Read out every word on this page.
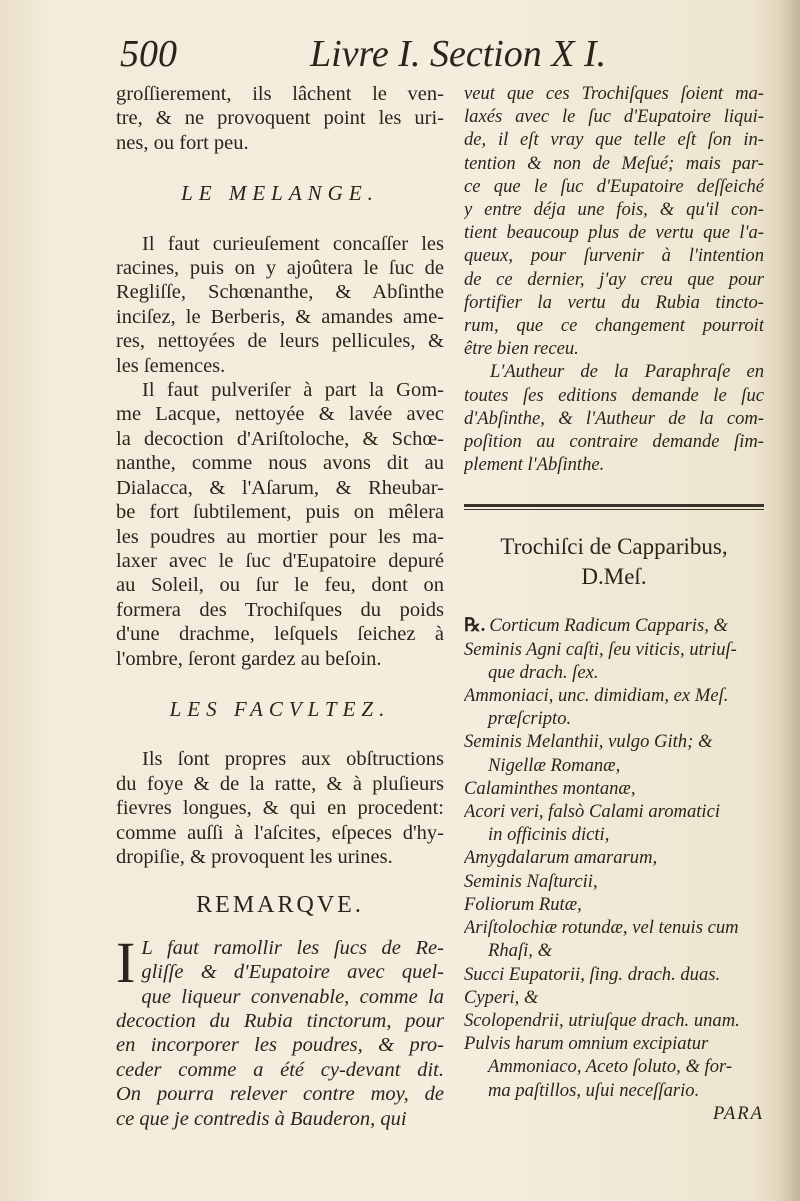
500	Livre I. Section X I.
groſſierement, ils lâchent le ven-
tre, & ne provoquent point les uri-
nes, ou fort peu.
LE MELANGE.
Il faut curieuſement concaſſer les
racines, puis on y ajoûtera le ſuc de
Regliſſe, Schœnanthe, & Abſinthe
inciſez, le Berberis, & amandes ame-
res, nettoyées de leurs pellicules, &
les ſemences.
Il faut pulveriſer à part la Gom-
me Lacque, nettoyée & lavée avec
la decoction d'Ariſtoloche, & Schœ-
nanthe, comme nous avons dit au
Dialacca, & l'Aſarum, & Rheubar-
be fort ſubtilement, puis on mêlera
les poudres au mortier pour les ma-
laxer avec le ſuc d'Eupatoire depuré
au Soleil, ou ſur le feu, dont on
formera des Trochiſques du poids
d'une drachme, leſquels ſeichez à
l'ombre, ſeront gardez au beſoin.
LES FACVLTEZ.
Ils ſont propres aux obſtructions
du foye & de la ratte, & à pluſieurs
fievres longues, & qui en procedent:
comme auſſi à l'aſcites, eſpeces d'hy-
dropiſie, & provoquent les urines.
REMARQVE.
I L faut ramollir les ſucs de Re-
gliſſe & d'Eupatoire avec quel-
que liqueur convenable, comme la
decoction du Rubia tinctorum, pour
en incorporer les poudres, & pro-
ceder comme a été cy-devant dit.
On pourra relever contre moy, de
ce que je contredis à Bauderon, qui
veut que ces Trochiſques ſoient ma-
laxés avec le ſuc d'Eupatoire liqui-
de, il eſt vray que telle eſt ſon in-
tention & non de Meſué; mais par-
ce que le ſuc d'Eupatoire deſſeiché
y entre déja une fois, & qu'il con-
tient beaucoup plus de vertu que l'a-
queux, pour ſurvenir à l'intention
de ce dernier, j'ay creu que pour
fortifier la vertu du Rubia tincto-
rum, que ce changement pourroit
être bien receu.
L'Autheur de la Paraphraſe en
toutes ſes editions demande le ſuc
d'Abſinthe, & l'Autheur de la com-
poſition au contraire demande ſim-
plement l'Abſinthe.
Trochiſci de Capparibus,
D.Meſ.
℞. Corticum Radicum Capparis, &
Seminis Agni caſti, ſeu viticis, utriuſ-
que drach. ſex.
Ammoniaci, unc. dimidiam, ex Meſ.
præſcripto.
Seminis Melanthii, vulgo Gith; &
Nigellæ Romanæ,
Calaminthes montanæ,
Acori veri, falsò Calami aromatici
in officinis dicti,
Amygdalarum amararum,
Seminis Naſturcii,
Foliorum Rutæ,
Ariſtolochiæ rotundæ, vel tenuis cum
Rhaſi, &
Succi Eupatorii, ſing. drach. duas.
Cyperi, &
Scolopendrii, utriuſque drach. unam.
Pulvis harum omnium excipiatur
Ammoniaco, Aceto ſoluto, & for-
ma paſtillos, uſui neceſſario.
PARA
